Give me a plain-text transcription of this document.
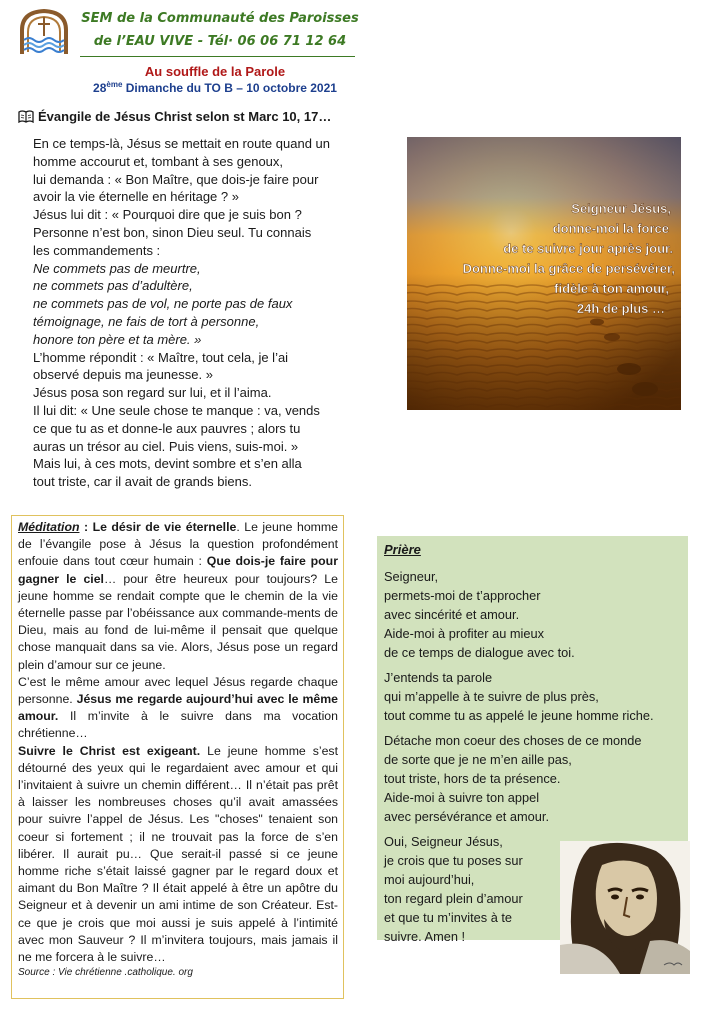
SEM de la Communauté des Paroisses
de l’EAU VIVE - Tél· 06 06 71 12 64
Au souffle de la Parole
28ème Dimanche du TO B – 10 octobre 2021
Évangile de Jésus Christ selon st Marc 10, 17…
En ce temps-là, Jésus se mettait en route quand un
homme accourut et, tombant à ses genoux,
lui demanda : « Bon Maître, que dois-je faire pour
avoir la vie éternelle en héritage ? »
Jésus lui dit : « Pourquoi dire que je suis bon ?
Personne n’est bon, sinon Dieu seul. Tu connais
les commandements :
Ne commets pas de meurtre,
ne commets pas d’adultère,
ne commets pas de vol, ne porte pas de faux
témoignage, ne fais de tort à personne,
honore ton père et ta mère. »
L’homme répondit : « Maître, tout cela, je l’ai
observé depuis ma jeunesse. »
Jésus posa son regard sur lui, et il l’aima.
Il lui dit: « Une seule chose te manque : va, vends
ce que tu as et donne-le aux pauvres ; alors tu
auras un trésor au ciel. Puis viens, suis-moi. »
Mais lui, à ces mots, devint sombre et s’en alla
tout triste, car il avait de grands biens.
Seigneur Jésus,
donne-moi la force
de te suivre jour après jour.
Donne-moi la grâce de persévérer,
fidèle à ton amour,
24h de plus …

Méditation : Le désir de vie éternelle. Le jeune homme de l’évangile pose à Jésus la question profondément enfouie dans tout cœur humain : Que dois-je faire pour gagner le ciel… pour être heureux pour toujours? Le jeune homme se rendait compte que le chemin de la vie éternelle passe par l’obéissance aux commande-ments de Dieu, mais au fond de lui-même il pensait que quelque chose manquait dans sa vie. Alors, Jésus pose un regard plein d’amour sur ce jeune.

C’est le même amour avec lequel Jésus regarde chaque personne. Jésus me regarde aujourd’hui avec le même amour. Il m’invite à le suivre dans ma vocation chrétienne…

Suivre le Christ est exigeant. Le jeune homme s’est détourné des yeux qui le regardaient avec amour et qui l’invitaient à suivre un chemin différent… Il n’était pas prêt à laisser les nombreuses choses qu’il avait amassées pour suivre l’appel de Jésus. Les "choses" tenaient son coeur si fortement ; il ne trouvait pas la force de s’en libérer. Il aurait pu… Que serait-il passé si ce jeune homme riche s’était laissé gagner par le regard doux et aimant du Bon Maître ? Il était appelé à être un apôtre du Seigneur et à devenir un ami intime de son Créateur. Est-ce que je crois que moi aussi je suis appelé à l’intimité avec mon Sauveur ? Il m’invitera toujours, mais jamais il ne me forcera à le suivre…

Source : Vie chrétienne .catholique. org

Prière
Seigneur,
permets-moi de t’approcher
avec sincérité et amour.
Aide-moi à profiter au mieux
de ce temps de dialogue avec toi.
J’entends ta parole
qui m’appelle à te suivre de plus près,
tout comme tu as appelé le jeune homme riche.
Détache mon coeur des choses de ce monde
de sorte que je ne m’en aille pas,
tout triste, hors de ta présence.
Aide-moi à suivre ton appel
avec persévérance et amour.
Oui, Seigneur Jésus,
je crois que tu poses sur
moi aujourd’hui,
ton regard plein d’amour
et que tu m’invites à te
suivre. Amen !
